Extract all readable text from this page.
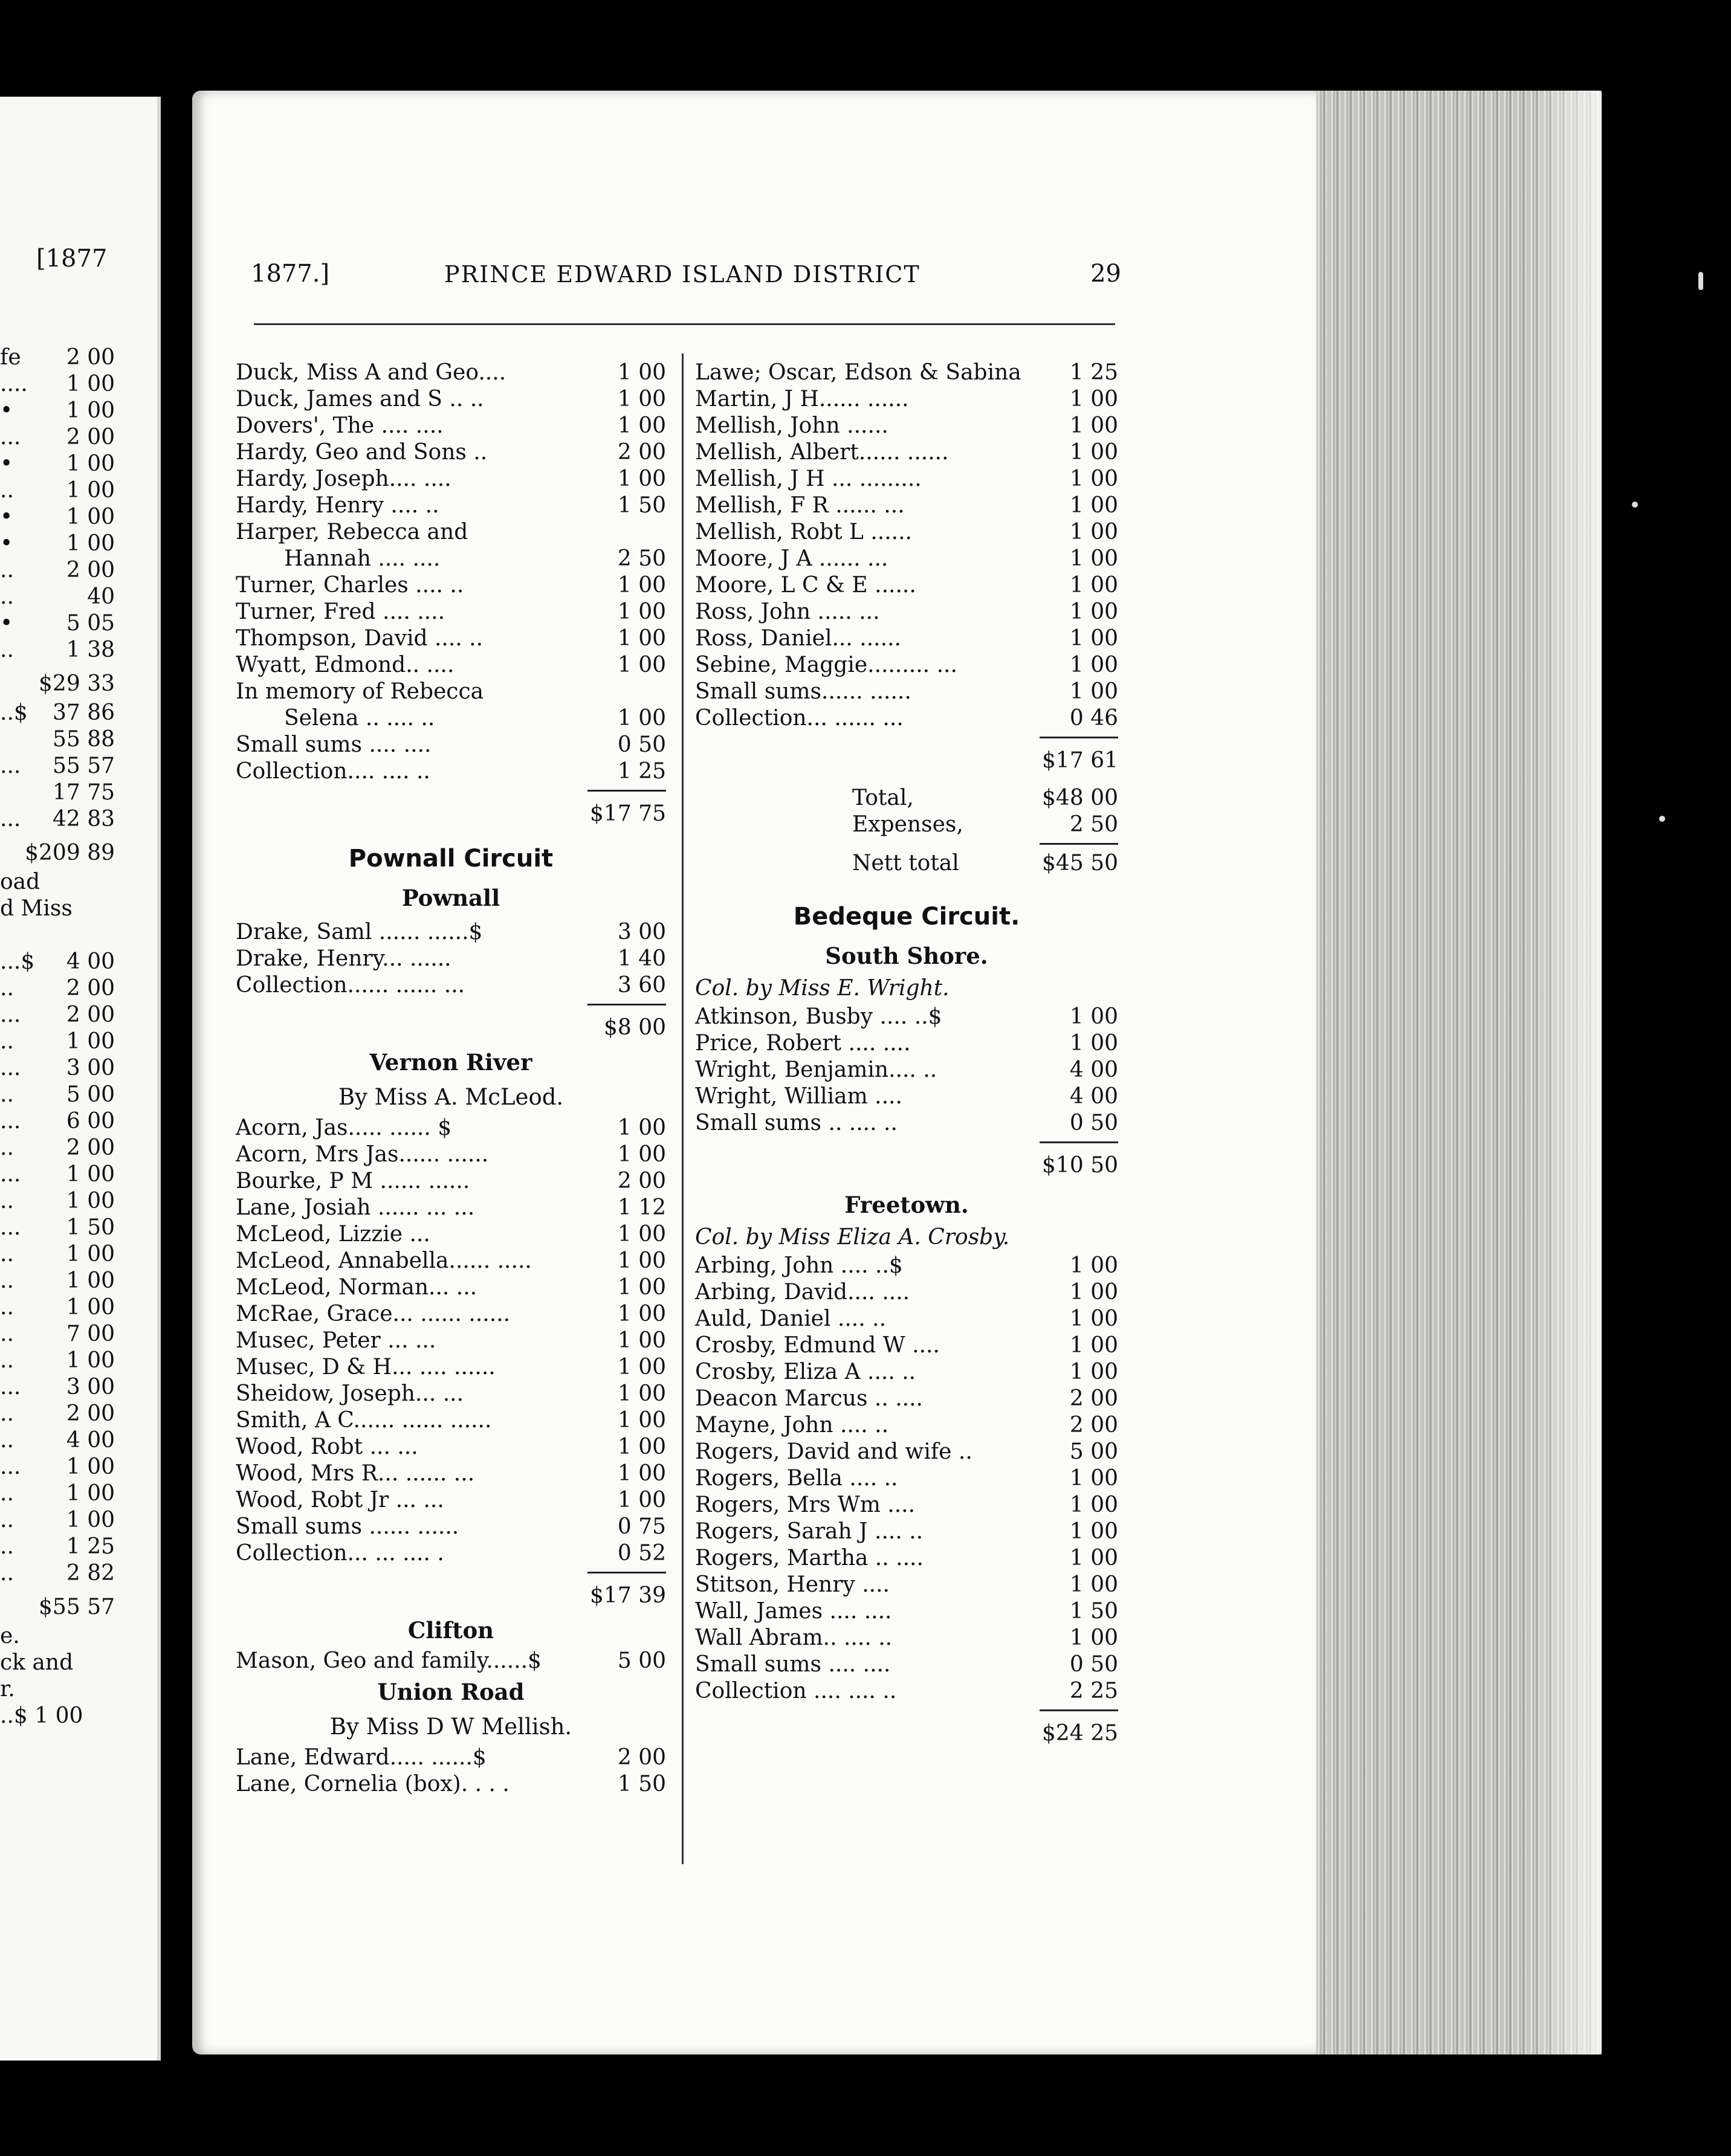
[1877
fe 2 00
.... 1 00
• 1 00
... 2 00
• 1 00
.. 1 00
• 1 00
• 1 00
.. 2 00
..	40
• 5 05
.. 1 38
$29 33
..$ 37 86
55 88
... 55 57
17 75
... 42 83
$209 89
oad
d Miss
...$ 4 00
.. 2 00
... 2 00
.. 1 00
... 3 00
.. 5 00
... 6 00
.. 2 00
... 1 00
.. 1 00
... 1 50
.. 1 00
.. 1 00
.. 1 00
.. 7 00
.. 1 00
... 3 00
.. 2 00
.. 4 00
... 1 00
.. 1 00
.. 1 00
.. 1 25
.. 2 82
$55 57
e.
ck and
r.
..$ 1 00
1877.]	PRINCE EDWARD ISLAND DISTRICT	29
Duck, Miss A and Geo....	1 00
Duck, James and S .. ..	1 00
Dovers', The .... ....	1 00
Hardy, Geo and Sons ..	2 00
Hardy, Joseph.... ....	1 00
Hardy, Henry .... ..	1 50
Harper, Rebecca and
Hannah .... ....	2 50
Turner, Charles .... ..	1 00
Turner, Fred .... ....	1 00
Thompson, David .... ..	1 00
Wyatt, Edmond.. ....	1 00
In memory of Rebecca
Selena .. .... ..	1 00
Small sums .... ....	0 50
Collection.... .... ..	1 25
$17 75
Pownall Circuit
Pownall
Drake, Saml ...... ......$	3 00
Drake, Henry... ......	1 40
Collection...... ...... ...	3 60
$8 00
Vernon River
By Miss A. McLeod.
Acorn, Jas..... ...... $	1 00
Acorn, Mrs Jas...... ......	1 00
Bourke, P M ...... ......	2 00
Lane, Josiah ...... ... ...	1 12
McLeod, Lizzie ...	1 00
McLeod, Annabella...... .....	1 00
McLeod, Norman... ...	1 00
McRae, Grace... ...... ......	1 00
Musec, Peter ... ...	1 00
Musec, D & H... .... ......	1 00
Sheidow, Joseph... ...	1 00
Smith, A C...... ...... ......	1 00
Wood, Robt ... ...	1 00
Wood, Mrs R... ...... ...	1 00
Wood, Robt Jr ... ...	1 00
Small sums ...... ......	0 75
Collection... ... .... .	0 52
$17 39
Clifton
Mason, Geo and family......$	5 00
Union Road
By Miss D W Mellish.
Lane, Edward..... ......$	2 00
Lane, Cornelia (box). . . .	1 50
Lawe; Oscar, Edson & Sabina 1 25
Martin, J H...... ......	1 00
Mellish, John ......	1 00
Mellish, Albert...... ......	1 00
Mellish, J H ... .........	1 00
Mellish, F R ...... ...	1 00
Mellish, Robt L ......	1 00
Moore, J A ...... ...	1 00
Moore, L C & E ......	1 00
Ross, John ..... ...	1 00
Ross, Daniel... ......	1 00
Sebine, Maggie......... ...	1 00
Small sums...... ......	1 00
Collection... ...... ...	0 46
$17 61
Total,	$48 00
Expenses,	2 50
Nett total	$45 50
Bedeque Circuit.
South Shore.
Col. by Miss E. Wright.
Atkinson, Busby .... ..$	1 00
Price, Robert .... ....	1 00
Wright, Benjamin.... ..	4 00
Wright, William ....	4 00
Small sums .. .... ..	0 50
$10 50
Freetown.
Col. by Miss Eliza A. Crosby.
Arbing, John .... ..$	1 00
Arbing, David.... ....	1 00
Auld, Daniel .... ..	1 00
Crosby, Edmund W ....	1 00
Crosby, Eliza A .... ..	1 00
Deacon Marcus .. ....	2 00
Mayne, John .... ..	2 00
Rogers, David and wife ..	5 00
Rogers, Bella .... ..	1 00
Rogers, Mrs Wm ....	1 00
Rogers, Sarah J .... ..	1 00
Rogers, Martha .. ....	1 00
Stitson, Henry ....	1 00
Wall, James .... ....	1 50
Wall Abram.. .... ..	1 00
Small sums .... ....	0 50
Collection .... .... ..	2 25
$24 25
